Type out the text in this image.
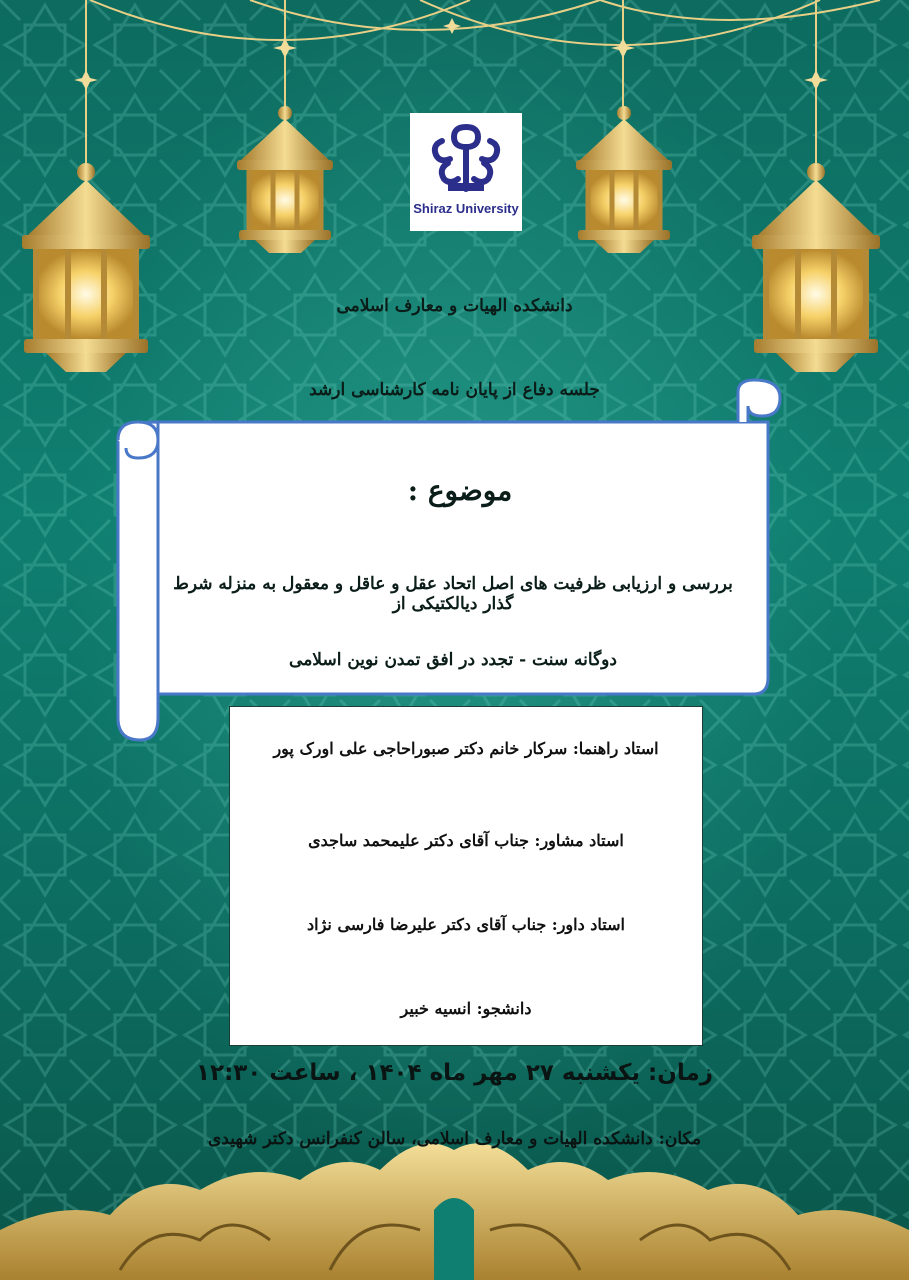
Shiraz University
دانشکده الهیات و معارف اسلامی
جلسه دفاع از پایان نامه کارشناسی ارشد
موضوع :
بررسی و ارزیابی ظرفیت های اصل اتحاد عقل و عاقل و معقول به منزله شرط گذار دیالکتیکی از
دوگانه سنت - تجدد در افق تمدن نوین اسلامی
استاد راهنما: سرکار خانم دکتر صبوراحاجی علی اورک پور
استاد مشاور: جناب آقای دکتر علیمحمد ساجدی
استاد داور: جناب آقای دکتر علیرضا فارسی نژاد
دانشجو: انسیه خبیر
زمان: یکشنبه ۲۷ مهر ماه ۱۴۰۴ ، ساعت ۱۲:۳۰
مکان: دانشکده الهیات و معارف اسلامی، سالن کنفرانس دکتر شهیدی
